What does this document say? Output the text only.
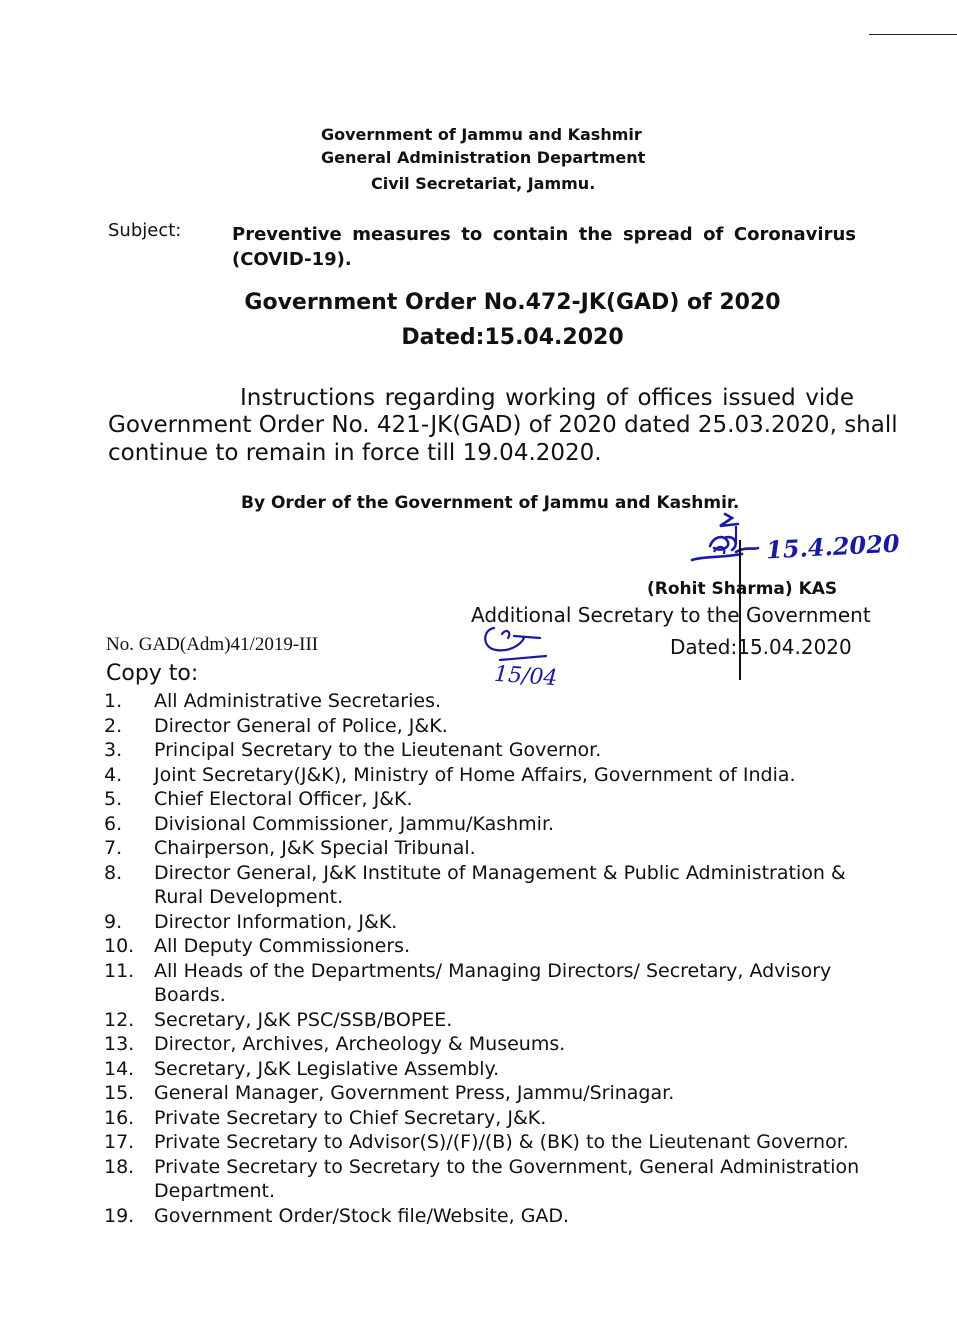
Government of Jammu and Kashmir
General Administration Department
Civil Secretariat, Jammu.
Subject:	Preventive measures to contain the spread of Coronavirus
(COVID-19).
Government Order No.472-JK(GAD) of 2020
Dated:15.04.2020
Instructions regarding working of offices issued vide
Government Order No. 421-JK(GAD) of 2020 dated 25.03.2020, shall
continue to remain in force till 19.04.2020.
By Order of the Government of Jammu and Kashmir.
15.4.2020
(Rohit Sharma) KAS
Additional Secretary to the Government
Dated:15.04.2020
15/04
No. GAD(Adm)41/2019-III
Copy to:
1.	All Administrative Secretaries.
2.	Director General of Police, J&K.
3.	Principal Secretary to the Lieutenant Governor.
4.	Joint Secretary(J&K), Ministry of Home Affairs, Government of India.
5.	Chief Electoral Officer, J&K.
6.	Divisional Commissioner, Jammu/Kashmir.
7.	Chairperson, J&K Special Tribunal.
8.	Director General, J&K Institute of Management & Public Administration & Rural Development.
9.	Director Information, J&K.
10.	All Deputy Commissioners.
11.	All Heads of the Departments/ Managing Directors/ Secretary, Advisory Boards.
12.	Secretary, J&K PSC/SSB/BOPEE.
13.	Director, Archives, Archeology & Museums.
14.	Secretary, J&K Legislative Assembly.
15.	General Manager, Government Press, Jammu/Srinagar.
16.	Private Secretary to Chief Secretary, J&K.
17.	Private Secretary to Advisor(S)/(F)/(B) & (BK) to the Lieutenant Governor.
18.	Private Secretary to Secretary to the Government, General Administration Department.
19.	Government Order/Stock file/Website, GAD.
